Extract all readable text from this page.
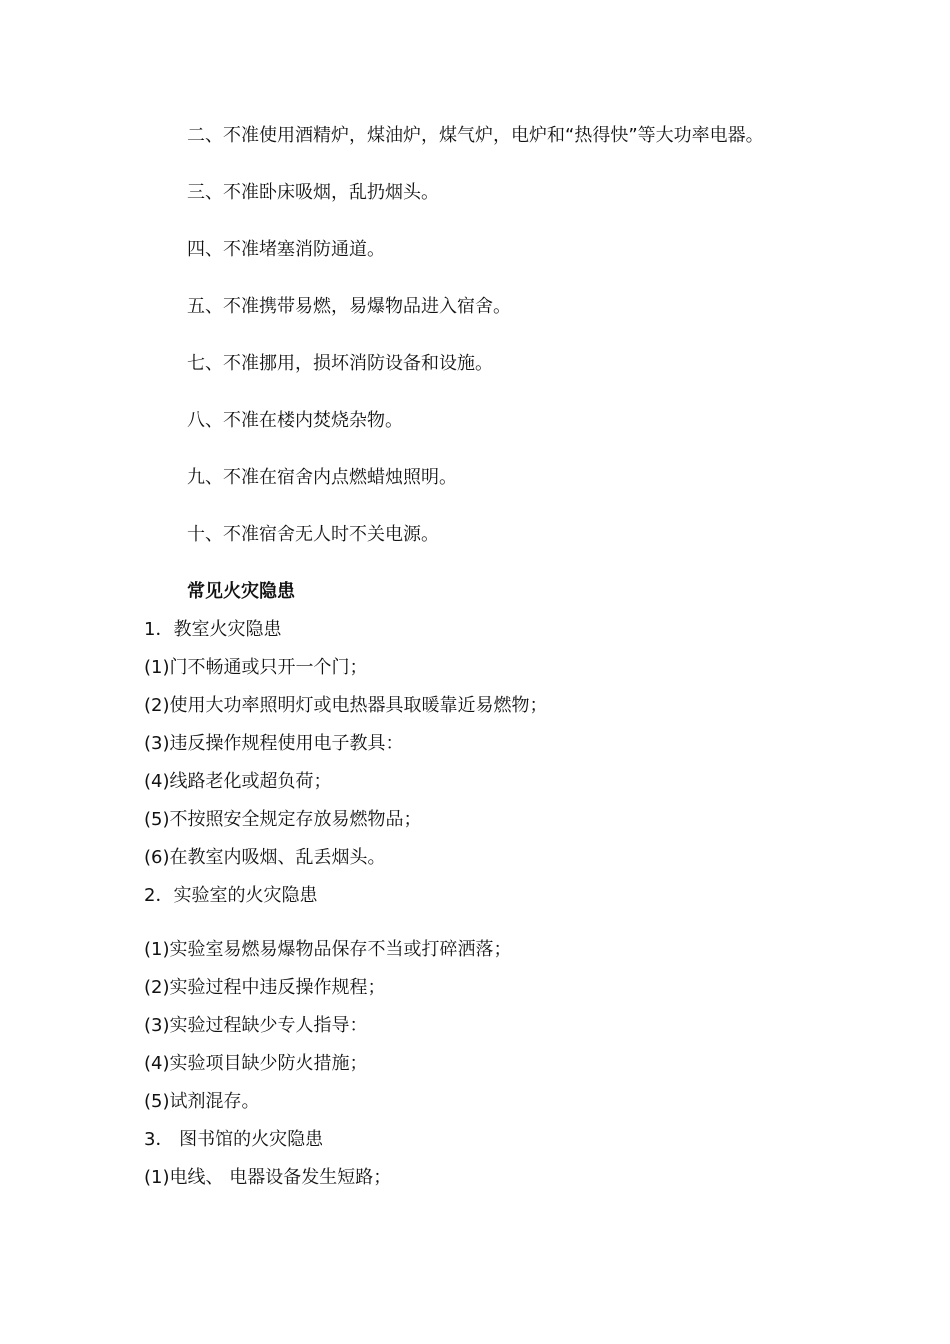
二、不准使用酒精炉，煤油炉，煤气炉，电炉和“热得快”等大功率电器。
三、不准卧床吸烟，乱扔烟头。
四、不准堵塞消防通道。
五、不准携带易燃，易爆物品进入宿舍。
七、不准挪用，损坏消防设备和设施。
八、不准在楼内焚烧杂物。
九、不准在宿舍内点燃蜡烛照明。
十、不准宿舍无人时不关电源。
常见火灾隐患
1．教室火灾隐患
(1)门不畅通或只开一个门；
(2)使用大功率照明灯或电热器具取暖靠近易燃物；
(3)违反操作规程使用电子教具：
(4)线路老化或超负荷；
(5)不按照安全规定存放易燃物品；
(6)在教室内吸烟、乱丢烟头。
2．实验室的火灾隐患
(1)实验室易燃易爆物品保存不当或打碎洒落；
(2)实验过程中违反操作规程；
(3)实验过程缺少专人指导：
(4)实验项目缺少防火措施；
(5)试剂混存。
3． 图书馆的火灾隐患
(1)电线、 电器设备发生短路；
